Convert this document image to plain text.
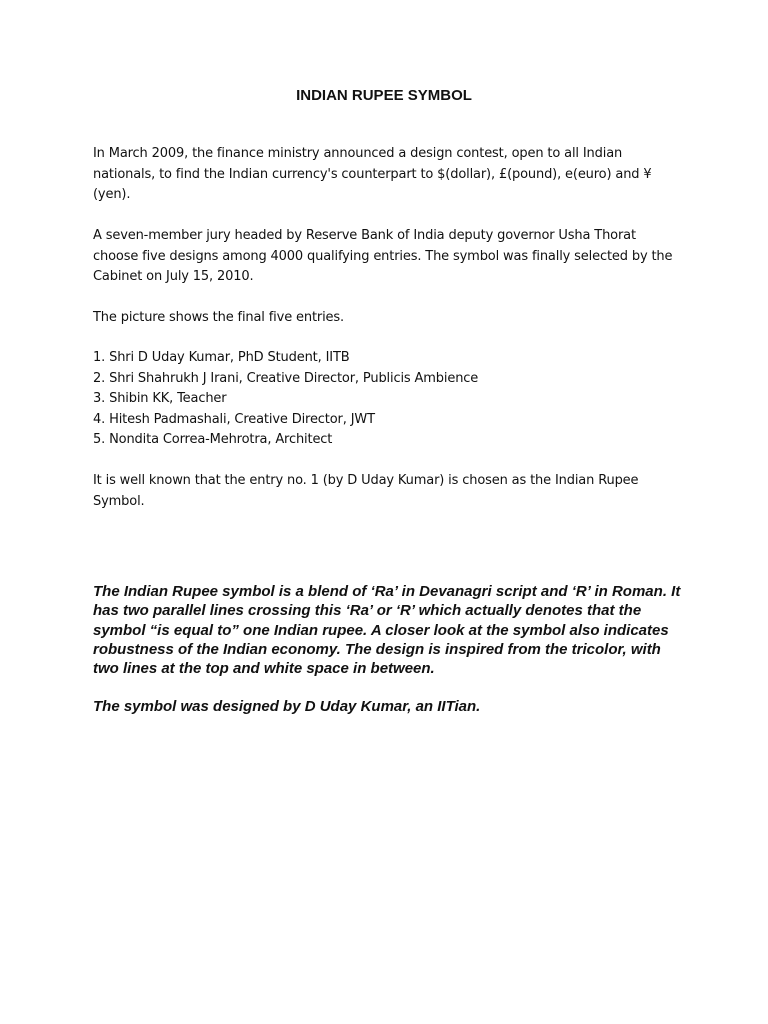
INDIAN RUPEE SYMBOL

In March 2009, the finance ministry announced a design contest, open to all Indian nationals, to find the Indian currency's counterpart to $(dollar), £(pound), e(euro) and ¥ (yen).

A seven-member jury headed by Reserve Bank of India deputy governor Usha Thorat choose five designs among 4000 qualifying entries. The symbol was finally selected by the Cabinet on July 15, 2010.

The picture shows the final five entries.

1. Shri D Uday Kumar, PhD Student, IITB
2. Shri Shahrukh J Irani, Creative Director, Publicis Ambience
3. Shibin KK, Teacher
4. Hitesh Padmashali, Creative Director, JWT
5. Nondita Correa-Mehrotra, Architect

It is well known that the entry no. 1 (by D Uday Kumar) is chosen as the Indian Rupee Symbol.

The Indian Rupee symbol is a blend of ‘Ra’ in Devanagri script and ‘R’ in Roman. It has two parallel lines crossing this ‘Ra’ or ‘R’ which actually denotes that the symbol “is equal to” one Indian rupee. A closer look at the symbol also indicates robustness of the Indian economy. The design is inspired from the tricolor, with two lines at the top and white space in between.

The symbol was designed by D Uday Kumar, an IITian.
